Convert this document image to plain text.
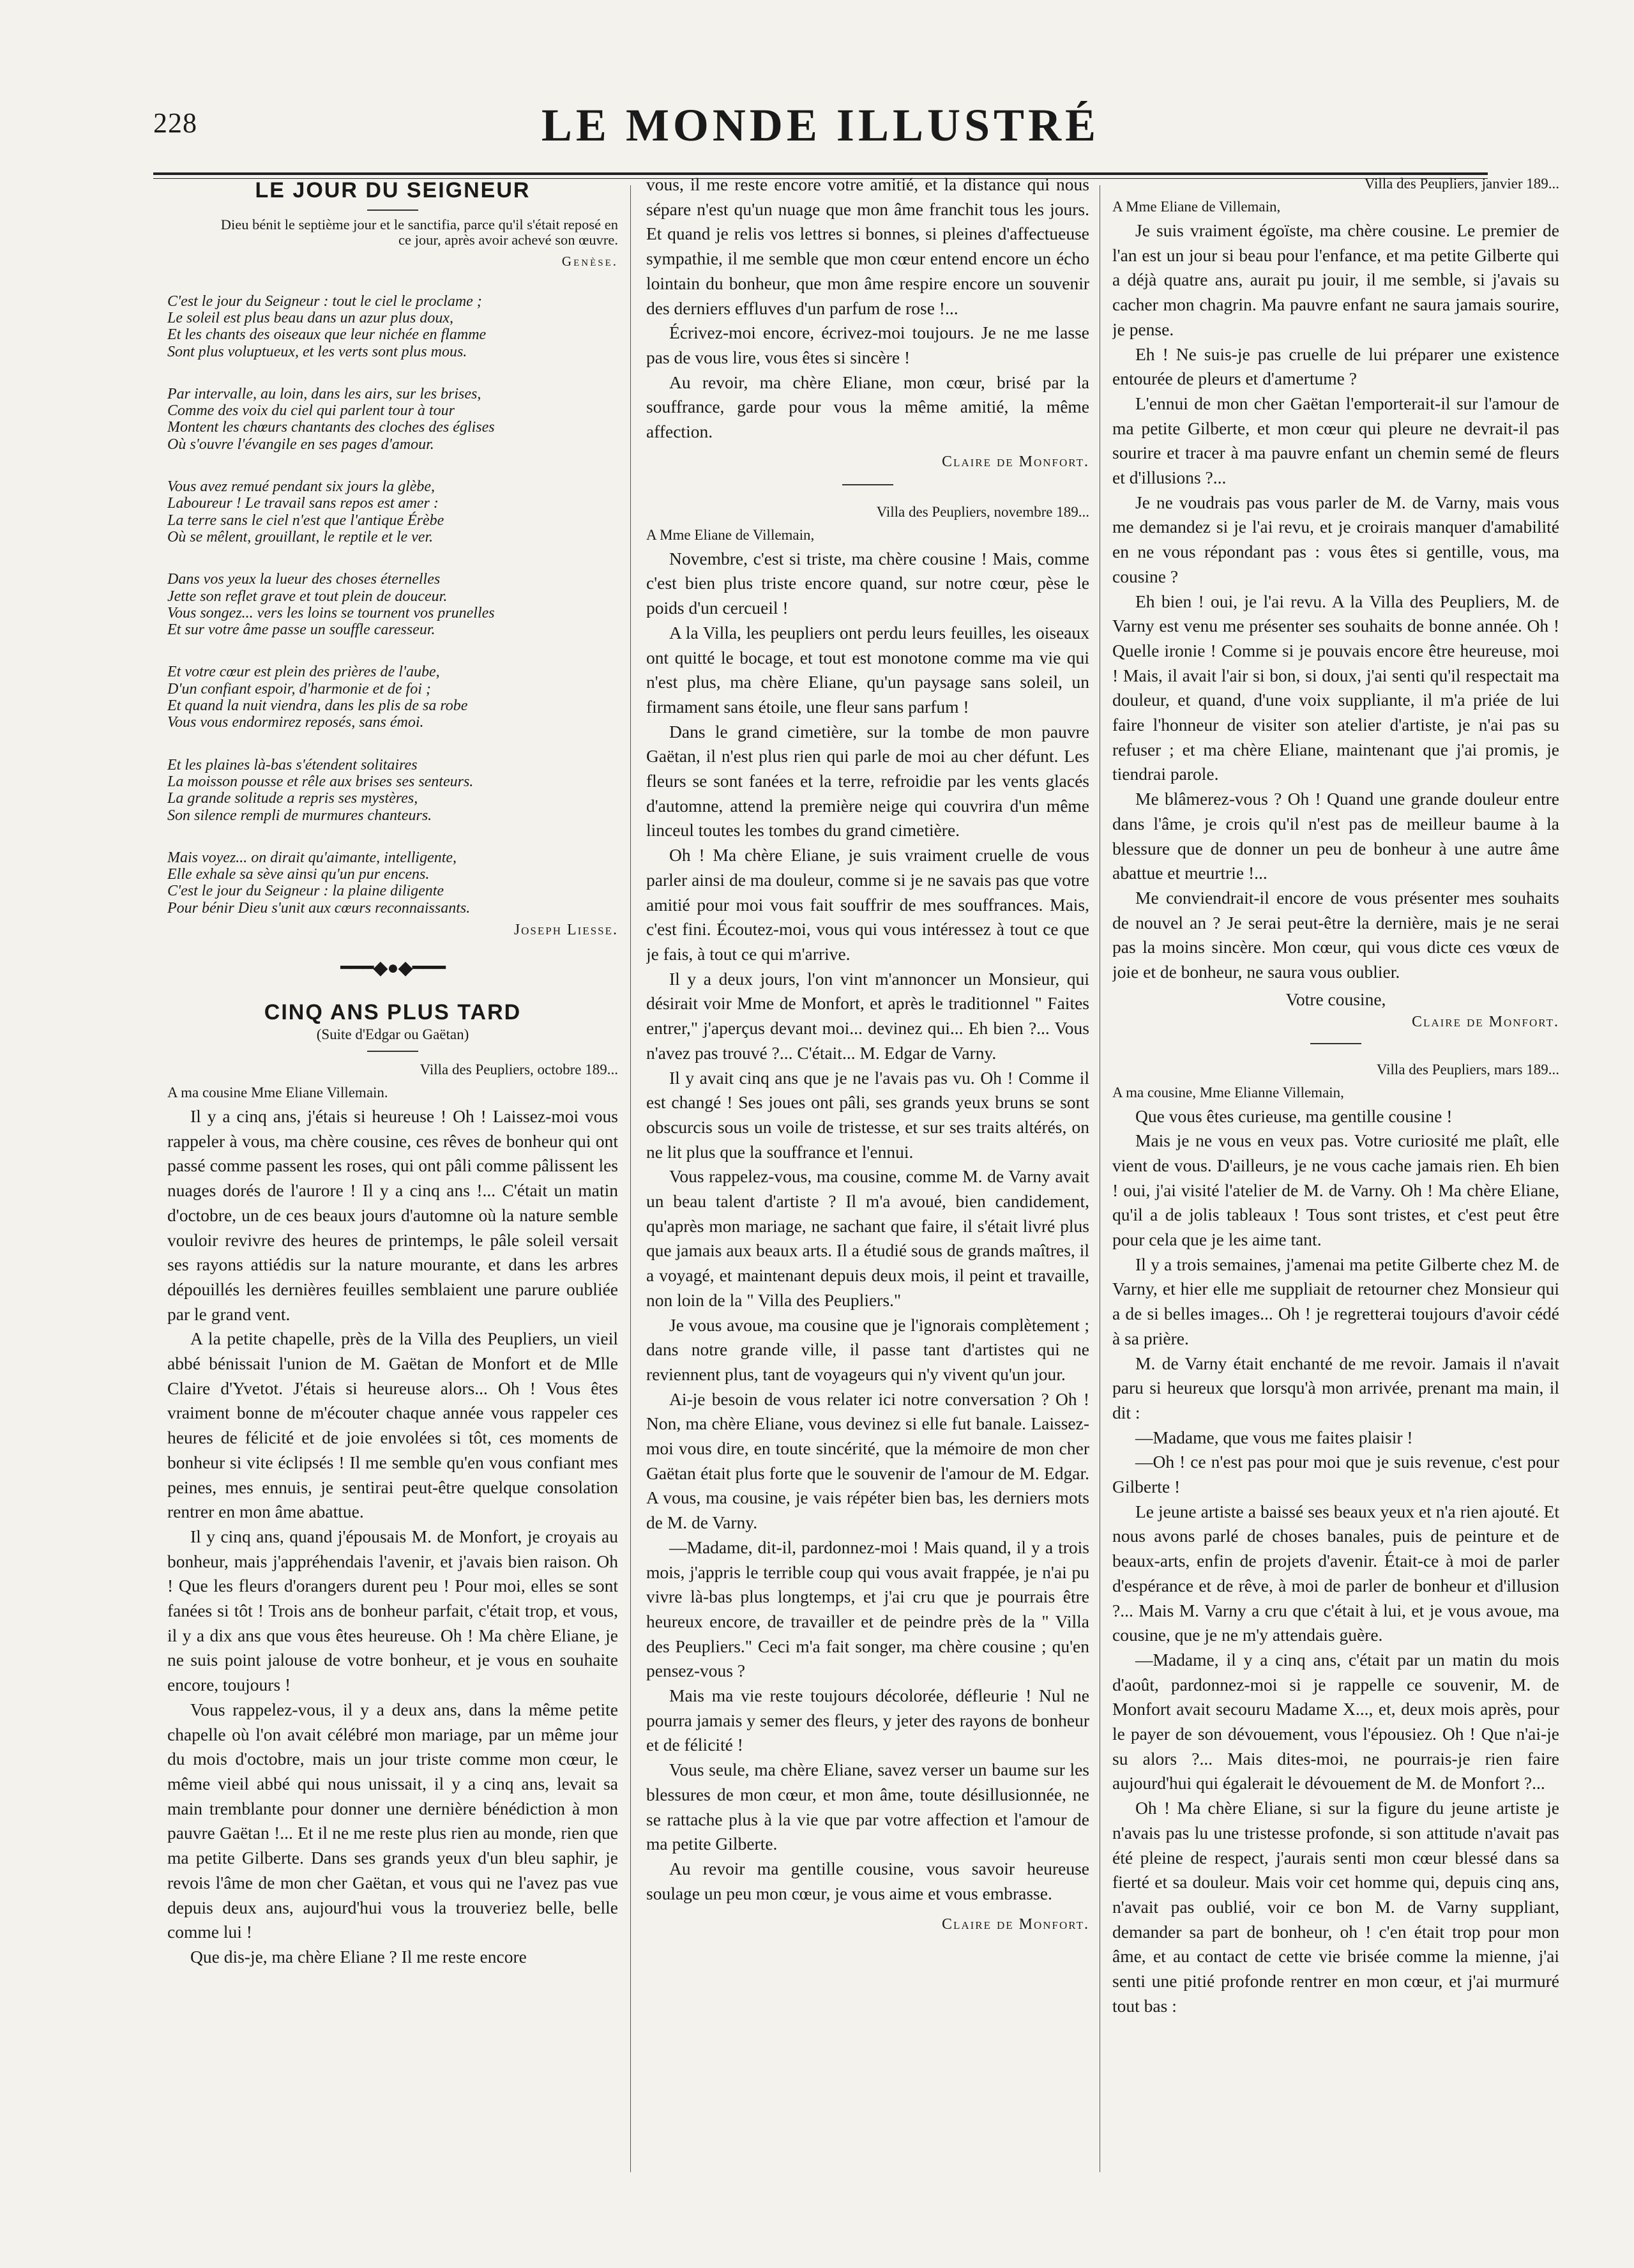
228	LE MONDE ILLUSTRÉ
LE JOUR DU SEIGNEUR
Dieu bénit le septième jour et le sanctifia, parce qu'il s'était reposé en ce jour, après avoir achevé son œuvre.
Genèse.
C'est le jour du Seigneur : tout le ciel le proclame ;
Le soleil est plus beau dans un azur plus doux,
Et les chants des oiseaux que leur nichée en flamme
Sont plus voluptueux, et les verts sont plus mous.
Par intervalle, au loin, dans les airs, sur les brises,
Comme des voix du ciel qui parlent tour à tour
Montent les chœurs chantants des cloches des églises
Où s'ouvre l'évangile en ses pages d'amour.
Vous avez remué pendant six jours la glèbe,
Laboureur ! Le travail sans repos est amer :
La terre sans le ciel n'est que l'antique Érèbe
Où se mêlent, grouillant, le reptile et le ver.
Dans vos yeux la lueur des choses éternelles
Jette son reflet grave et tout plein de douceur.
Vous songez... vers les loins se tournent vos prunelles
Et sur votre âme passe un souffle caresseur.
Et votre cœur est plein des prières de l'aube,
D'un confiant espoir, d'harmonie et de foi ;
Et quand la nuit viendra, dans les plis de sa robe
Vous vous endormirez reposés, sans émoi.
Et les plaines là-bas s'étendent solitaires
La moisson pousse et rêle aux brises ses senteurs.
La grande solitude a repris ses mystères,
Son silence rempli de murmures chanteurs.
Mais voyez... on dirait qu'aimante, intelligente,
Elle exhale sa sève ainsi qu'un pur encens.
C'est le jour du Seigneur : la plaine diligente
Pour bénir Dieu s'unit aux cœurs reconnaissants.
Joseph Liesse.
━━━◆●◆━━━
CINQ ANS PLUS TARD
(Suite d'Edgar ou Gaëtan)
Villa des Peupliers, octobre 189...
A ma cousine Mme Eliane Villemain.

Il y a cinq ans, j'étais si heureuse ! Oh ! Laissez-moi vous rappeler à vous, ma chère cousine, ces rêves de bonheur qui ont passé comme passent les roses, qui ont pâli comme pâlissent les nuages dorés de l'aurore ! Il y a cinq ans !... C'était un matin d'octobre, un de ces beaux jours d'automne où la nature semble vouloir revivre des heures de printemps, le pâle soleil versait ses rayons attiédis sur la nature mourante, et dans les arbres dépouillés les dernières feuilles semblaient une parure oubliée par le grand vent.

A la petite chapelle, près de la Villa des Peupliers, un vieil abbé bénissait l'union de M. Gaëtan de Monfort et de Mlle Claire d'Yvetot. J'étais si heureuse alors... Oh ! Vous êtes vraiment bonne de m'écouter chaque année vous rappeler ces heures de félicité et de joie envolées si tôt, ces moments de bonheur si vite éclipsés ! Il me semble qu'en vous confiant mes peines, mes ennuis, je sentirai peut-être quelque consolation rentrer en mon âme abattue.

Il y cinq ans, quand j'épousais M. de Monfort, je croyais au bonheur, mais j'appréhendais l'avenir, et j'avais bien raison. Oh ! Que les fleurs d'orangers durent peu ! Pour moi, elles se sont fanées si tôt ! Trois ans de bonheur parfait, c'était trop, et vous, il y a dix ans que vous êtes heureuse. Oh ! Ma chère Eliane, je ne suis point jalouse de votre bonheur, et je vous en souhaite encore, toujours !

Vous rappelez-vous, il y a deux ans, dans la même petite chapelle où l'on avait célébré mon mariage, par un même jour du mois d'octobre, mais un jour triste comme mon cœur, le même vieil abbé qui nous unissait, il y a cinq ans, levait sa main tremblante pour donner une dernière bénédiction à mon pauvre Gaëtan !... Et il ne me reste plus rien au monde, rien que ma petite Gilberte. Dans ses grands yeux d'un bleu saphir, je revois l'âme de mon cher Gaëtan, et vous qui ne l'avez pas vue depuis deux ans, aujourd'hui vous la trouveriez belle, belle comme lui !

Que dis-je, ma chère Eliane ? Il me reste encore

vous, il me reste encore votre amitié, et la distance qui nous sépare n'est qu'un nuage que mon âme franchit tous les jours. Et quand je relis vos lettres si bonnes, si pleines d'affectueuse sympathie, il me semble que mon cœur entend encore un écho lointain du bonheur, que mon âme respire encore un souvenir des derniers effluves d'un parfum de rose !...

Écrivez-moi encore, écrivez-moi toujours. Je ne me lasse pas de vous lire, vous êtes si sincère !

Au revoir, ma chère Eliane, mon cœur, brisé par la souffrance, garde pour vous la même amitié, la même affection.

Claire de Monfort.
Villa des Peupliers, novembre 189...
A Mme Eliane de Villemain,

Novembre, c'est si triste, ma chère cousine ! Mais, comme c'est bien plus triste encore quand, sur notre cœur, pèse le poids d'un cercueil !

A la Villa, les peupliers ont perdu leurs feuilles, les oiseaux ont quitté le bocage, et tout est monotone comme ma vie qui n'est plus, ma chère Eliane, qu'un paysage sans soleil, un firmament sans étoile, une fleur sans parfum !

Dans le grand cimetière, sur la tombe de mon pauvre Gaëtan, il n'est plus rien qui parle de moi au cher défunt. Les fleurs se sont fanées et la terre, refroidie par les vents glacés d'automne, attend la première neige qui couvrira d'un même linceul toutes les tombes du grand cimetière.

Oh ! Ma chère Eliane, je suis vraiment cruelle de vous parler ainsi de ma douleur, comme si je ne savais pas que votre amitié pour moi vous fait souffrir de mes souffrances. Mais, c'est fini. Écoutez-moi, vous qui vous intéressez à tout ce que je fais, à tout ce qui m'arrive.

Il y a deux jours, l'on vint m'annoncer un Monsieur, qui désirait voir Mme de Monfort, et après le traditionnel " Faites entrer," j'aperçus devant moi... devinez qui... Eh bien ?... Vous n'avez pas trouvé ?... C'était... M. Edgar de Varny.

Il y avait cinq ans que je ne l'avais pas vu. Oh ! Comme il est changé ! Ses joues ont pâli, ses grands yeux bruns se sont obscurcis sous un voile de tristesse, et sur ses traits altérés, on ne lit plus que la souffrance et l'ennui.

Vous rappelez-vous, ma cousine, comme M. de Varny avait un beau talent d'artiste ? Il m'a avoué, bien candidement, qu'après mon mariage, ne sachant que faire, il s'était livré plus que jamais aux beaux arts. Il a étudié sous de grands maîtres, il a voyagé, et maintenant depuis deux mois, il peint et travaille, non loin de la " Villa des Peupliers."

Je vous avoue, ma cousine que je l'ignorais complètement ; dans notre grande ville, il passe tant d'artistes qui ne reviennent plus, tant de voyageurs qui n'y vivent qu'un jour.

Ai-je besoin de vous relater ici notre conversation ? Oh ! Non, ma chère Eliane, vous devinez si elle fut banale. Laissez-moi vous dire, en toute sincérité, que la mémoire de mon cher Gaëtan était plus forte que le souvenir de l'amour de M. Edgar. A vous, ma cousine, je vais répéter bien bas, les derniers mots de M. de Varny.

—Madame, dit-il, pardonnez-moi ! Mais quand, il y a trois mois, j'appris le terrible coup qui vous avait frappée, je n'ai pu vivre là-bas plus longtemps, et j'ai cru que je pourrais être heureux encore, de travailler et de peindre près de la " Villa des Peupliers." Ceci m'a fait songer, ma chère cousine ; qu'en pensez-vous ?

Mais ma vie reste toujours décolorée, défleurie ! Nul ne pourra jamais y semer des fleurs, y jeter des rayons de bonheur et de félicité !

Vous seule, ma chère Eliane, savez verser un baume sur les blessures de mon cœur, et mon âme, toute désillusionnée, ne se rattache plus à la vie que par votre affection et l'amour de ma petite Gilberte.

Au revoir ma gentille cousine, vous savoir heureuse soulage un peu mon cœur, je vous aime et vous embrasse.

Claire de Monfort.
Villa des Peupliers, janvier 189...
A Mme Eliane de Villemain,

Je suis vraiment égoïste, ma chère cousine. Le premier de l'an est un jour si beau pour l'enfance, et ma petite Gilberte qui a déjà quatre ans, aurait pu jouir, il me semble, si j'avais su cacher mon chagrin. Ma pauvre enfant ne saura jamais sourire, je pense.

Eh ! Ne suis-je pas cruelle de lui préparer une existence entourée de pleurs et d'amertume ?

L'ennui de mon cher Gaëtan l'emporterait-il sur l'amour de ma petite Gilberte, et mon cœur qui pleure ne devrait-il pas sourire et tracer à ma pauvre enfant un chemin semé de fleurs et d'illusions ?...

Je ne voudrais pas vous parler de M. de Varny, mais vous me demandez si je l'ai revu, et je croirais manquer d'amabilité en ne vous répondant pas : vous êtes si gentille, vous, ma cousine ?

Eh bien ! oui, je l'ai revu. A la Villa des Peupliers, M. de Varny est venu me présenter ses souhaits de bonne année. Oh ! Quelle ironie ! Comme si je pouvais encore être heureuse, moi ! Mais, il avait l'air si bon, si doux, j'ai senti qu'il respectait ma douleur, et quand, d'une voix suppliante, il m'a priée de lui faire l'honneur de visiter son atelier d'artiste, je n'ai pas su refuser ; et ma chère Eliane, maintenant que j'ai promis, je tiendrai parole.

Me blâmerez-vous ? Oh ! Quand une grande douleur entre dans l'âme, je crois qu'il n'est pas de meilleur baume à la blessure que de donner un peu de bonheur à une autre âme abattue et meurtrie !...

Me conviendrait-il encore de vous présenter mes souhaits de nouvel an ? Je serai peut-être la dernière, mais je ne serai pas la moins sincère. Mon cœur, qui vous dicte ces vœux de joie et de bonheur, ne saura vous oublier.

Votre cousine,
Claire de Monfort.
Villa des Peupliers, mars 189...
A ma cousine, Mme Elianne Villemain,

Que vous êtes curieuse, ma gentille cousine !

Mais je ne vous en veux pas. Votre curiosité me plaît, elle vient de vous. D'ailleurs, je ne vous cache jamais rien. Eh bien ! oui, j'ai visité l'atelier de M. de Varny. Oh ! Ma chère Eliane, qu'il a de jolis tableaux ! Tous sont tristes, et c'est peut être pour cela que je les aime tant.

Il y a trois semaines, j'amenai ma petite Gilberte chez M. de Varny, et hier elle me suppliait de retourner chez Monsieur qui a de si belles images... Oh ! je regretterai toujours d'avoir cédé à sa prière.

M. de Varny était enchanté de me revoir. Jamais il n'avait paru si heureux que lorsqu'à mon arrivée, prenant ma main, il dit :

—Madame, que vous me faites plaisir !

—Oh ! ce n'est pas pour moi que je suis revenue, c'est pour Gilberte !

Le jeune artiste a baissé ses beaux yeux et n'a rien ajouté. Et nous avons parlé de choses banales, puis de peinture et de beaux-arts, enfin de projets d'avenir. Était-ce à moi de parler d'espérance et de rêve, à moi de parler de bonheur et d'illusion ?... Mais M. Varny a cru que c'était à lui, et je vous avoue, ma cousine, que je ne m'y attendais guère.

—Madame, il y a cinq ans, c'était par un matin du mois d'août, pardonnez-moi si je rappelle ce souvenir, M. de Monfort avait secouru Madame X..., et, deux mois après, pour le payer de son dévouement, vous l'épousiez. Oh ! Que n'ai-je su alors ?... Mais dites-moi, ne pourrais-je rien faire aujourd'hui qui égalerait le dévouement de M. de Monfort ?...

Oh ! Ma chère Eliane, si sur la figure du jeune artiste je n'avais pas lu une tristesse profonde, si son attitude n'avait pas été pleine de respect, j'aurais senti mon cœur blessé dans sa fierté et sa douleur. Mais voir cet homme qui, depuis cinq ans, n'avait pas oublié, voir ce bon M. de Varny suppliant, demander sa part de bonheur, oh ! c'en était trop pour mon âme, et au contact de cette vie brisée comme la mienne, j'ai senti une pitié profonde rentrer en mon cœur, et j'ai murmuré tout bas :
